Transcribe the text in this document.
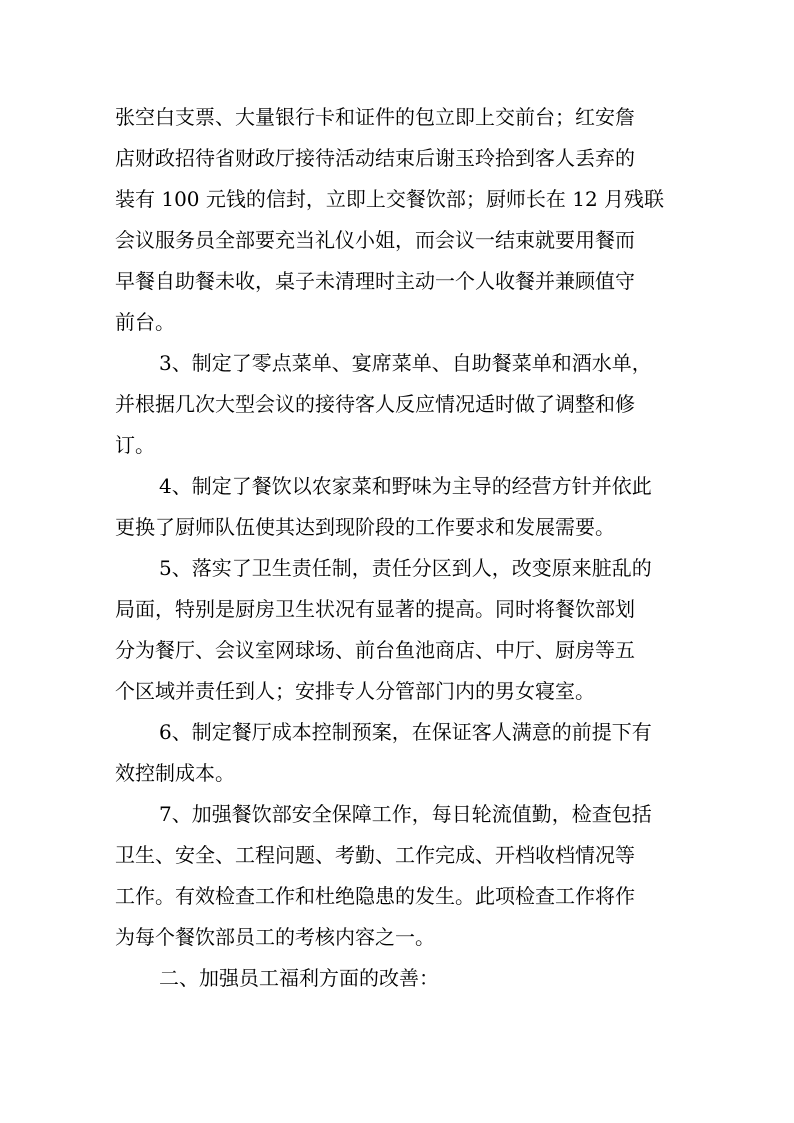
张空白支票、大量银行卡和证件的包立即上交前台；红安詹
店财政招待省财政厅接待活动结束后谢玉玲拾到客人丢弃的
装有 100 元钱的信封，立即上交餐饮部；厨师长在 12 月残联
会议服务员全部要充当礼仪小姐，而会议一结束就要用餐而
早餐自助餐未收，桌子未清理时主动一个人收餐并兼顾值守
前台。
3、制定了零点菜单、宴席菜单、自助餐菜单和酒水单，
并根据几次大型会议的接待客人反应情况适时做了调整和修
订。
4、制定了餐饮以农家菜和野味为主导的经营方针并依此
更换了厨师队伍使其达到现阶段的工作要求和发展需要。
5、落实了卫生责任制，责任分区到人，改变原来脏乱的
局面，特别是厨房卫生状况有显著的提高。同时将餐饮部划
分为餐厅、会议室网球场、前台鱼池商店、中厅、厨房等五
个区域并责任到人；安排专人分管部门内的男女寝室。
6、制定餐厅成本控制预案，在保证客人满意的前提下有
效控制成本。
7、加强餐饮部安全保障工作，每日轮流值勤，检查包括
卫生、安全、工程问题、考勤、工作完成、开档收档情况等
工作。有效检查工作和杜绝隐患的发生。此项检查工作将作
为每个餐饮部员工的考核内容之一。
二、加强员工福利方面的改善：
